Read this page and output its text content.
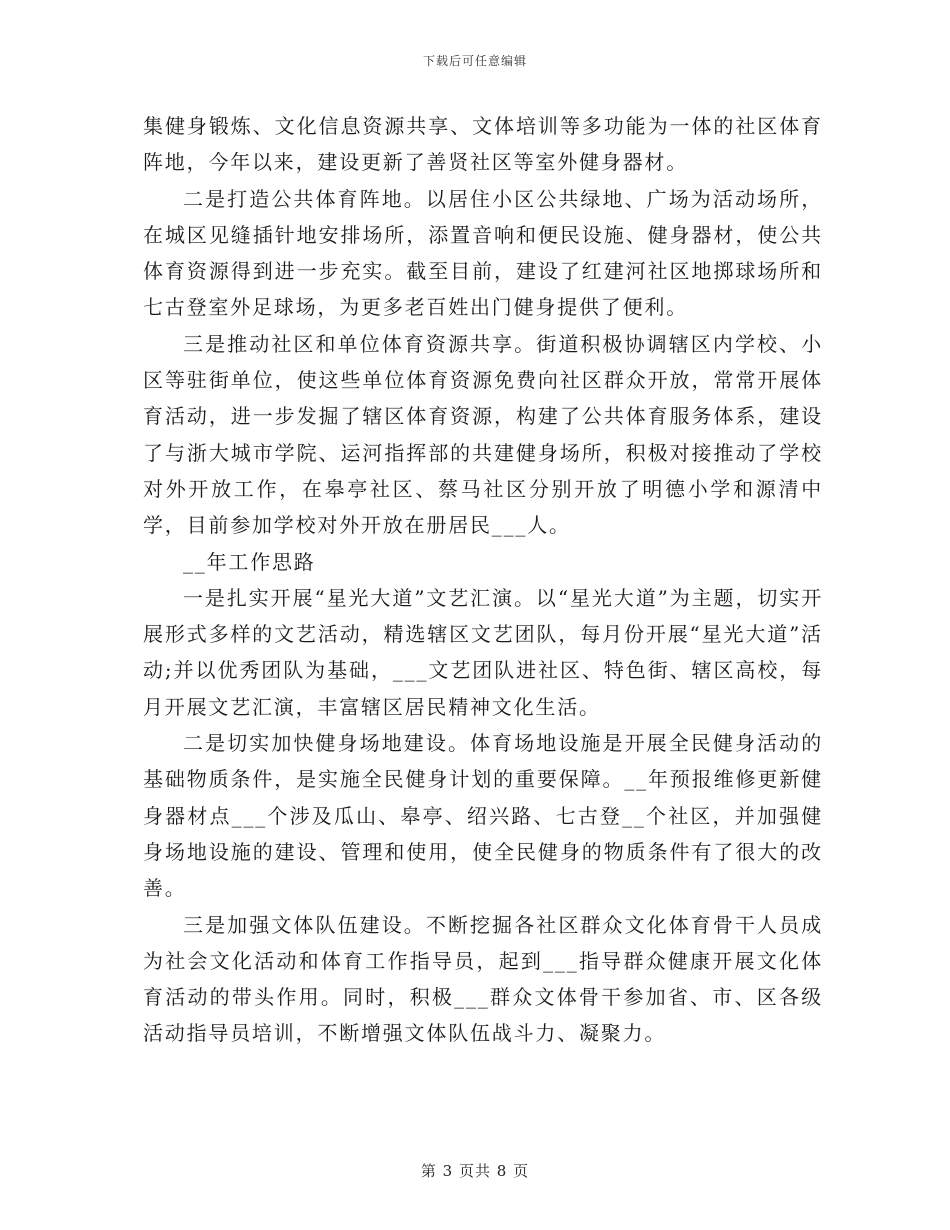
下载后可任意编辑

集健身锻炼、文化信息资源共享、文体培训等多功能为一体的社区体育阵地，今年以来，建设更新了善贤社区等室外健身器材。

二是打造公共体育阵地。以居住小区公共绿地、广场为活动场所，在城区见缝插针地安排场所，添置音响和便民设施、健身器材，使公共体育资源得到进一步充实。截至目前，建设了红建河社区地掷球场所和七古登室外足球场，为更多老百姓出门健身提供了便利。

三是推动社区和单位体育资源共享。街道积极协调辖区内学校、小区等驻街单位，使这些单位体育资源免费向社区群众开放，常常开展体育活动，进一步发掘了辖区体育资源，构建了公共体育服务体系，建设了与浙大城市学院、运河指挥部的共建健身场所，积极对接推动了学校对外开放工作，在皋亭社区、蔡马社区分别开放了明德小学和源清中学，目前参加学校对外开放在册居民___人。

__年工作思路

一是扎实开展“星光大道”文艺汇演。以“星光大道”为主题，切实开展形式多样的文艺活动，精选辖区文艺团队，每月份开展“星光大道”活动;并以优秀团队为基础，___文艺团队进社区、特色街、辖区高校，每月开展文艺汇演，丰富辖区居民精神文化生活。

二是切实加快健身场地建设。体育场地设施是开展全民健身活动的基础物质条件，是实施全民健身计划的重要保障。__年预报维修更新健身器材点___个涉及瓜山、皋亭、绍兴路、七古登__个社区，并加强健身场地设施的建设、管理和使用，使全民健身的物质条件有了很大的改善。

三是加强文体队伍建设。不断挖掘各社区群众文化体育骨干人员成为社会文化活动和体育工作指导员，起到___指导群众健康开展文化体育活动的带头作用。同时，积极___群众文体骨干参加省、市、区各级活动指导员培训，不断增强文体队伍战斗力、凝聚力。

第 3 页共 8 页
